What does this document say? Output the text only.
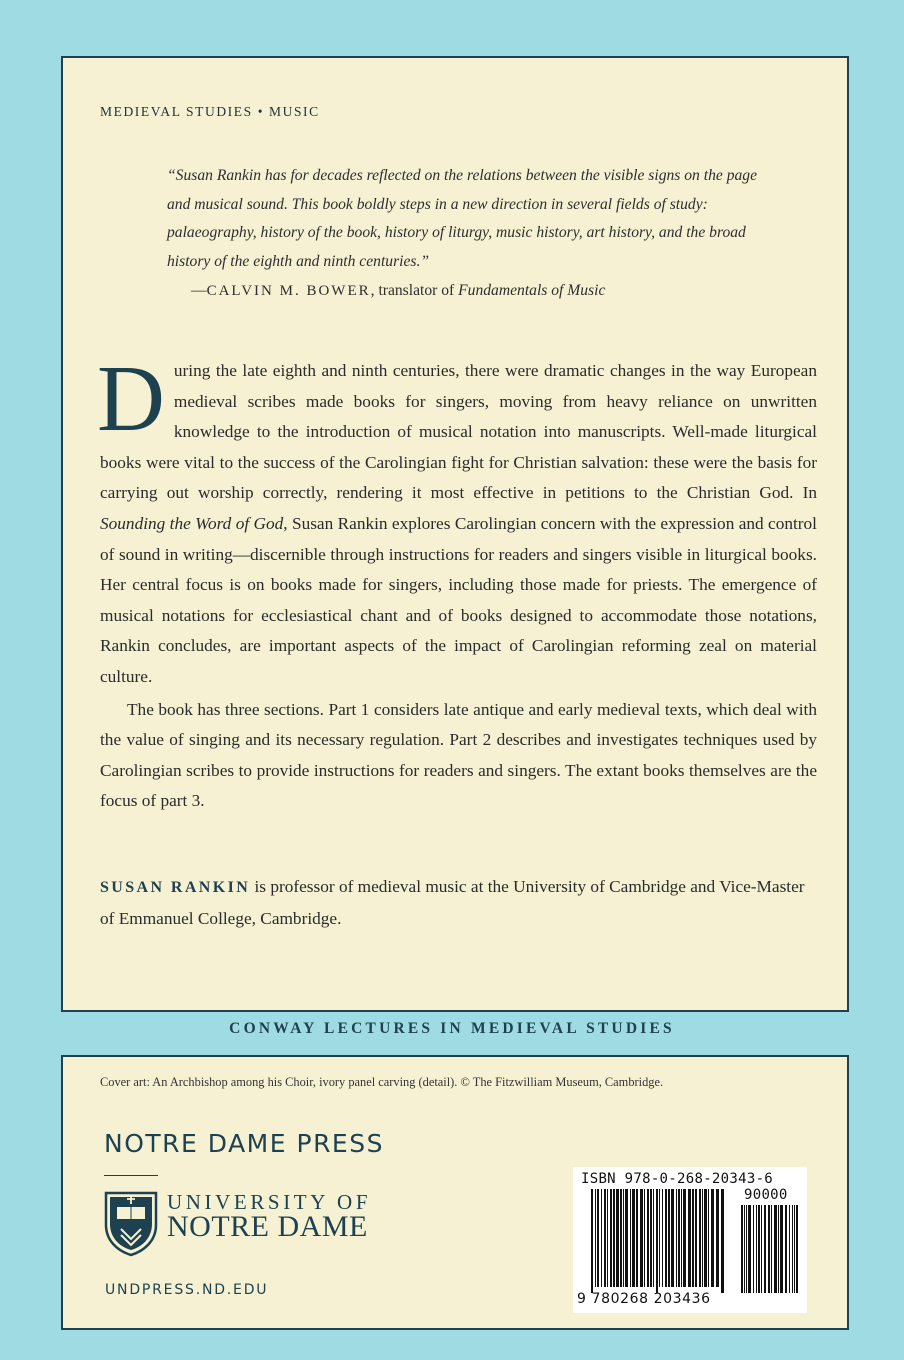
MEDIEVAL STUDIES • MUSIC
“Susan Rankin has for decades reflected on the relations between the visible signs on the page and musical sound. This book boldly steps in a new direction in several fields of study: palaeography, history of the book, history of liturgy, music history, art history, and the broad history of the eighth and ninth centuries.”
—CALVIN M. BOWER, translator of Fundamentals of Music

During the late eighth and ninth centuries, there were dramatic changes in the way European medieval scribes made books for singers, moving from heavy reliance on unwritten knowledge to the introduction of musical notation into manuscripts. Well-made liturgical books were vital to the success of the Carolingian fight for Christian salvation: these were the basis for carrying out worship correctly, rendering it most effective in petitions to the Christian God. In Sounding the Word of God, Susan Rankin explores Carolingian concern with the expression and control of sound in writing—discernible through instructions for readers and singers visible in liturgical books. Her central focus is on books made for singers, including those made for priests. The emergence of musical notations for ecclesiastical chant and of books designed to accommodate those notations, Rankin concludes, are important aspects of the impact of Carolingian reforming zeal on material culture.

The book has three sections. Part 1 considers late antique and early medieval texts, which deal with the value of singing and its necessary regulation. Part 2 describes and investigates techniques used by Carolingian scribes to provide instructions for readers and singers. The extant books themselves are the focus of part 3.

SUSAN RANKIN is professor of medieval music at the University of Cambridge and Vice-Master of Emmanuel College, Cambridge.
CONWAY LECTURES IN MEDIEVAL STUDIES
Cover art: An Archbishop among his Choir, ivory panel carving (detail). © The Fitzwilliam Museum, Cambridge.
NOTRE DAME PRESS
UNIVERSITY OF
NOTRE DAME
UNDPRESS.ND.EDU
ISBN 978-0-268-20343-6
90000
9 780268 203436
